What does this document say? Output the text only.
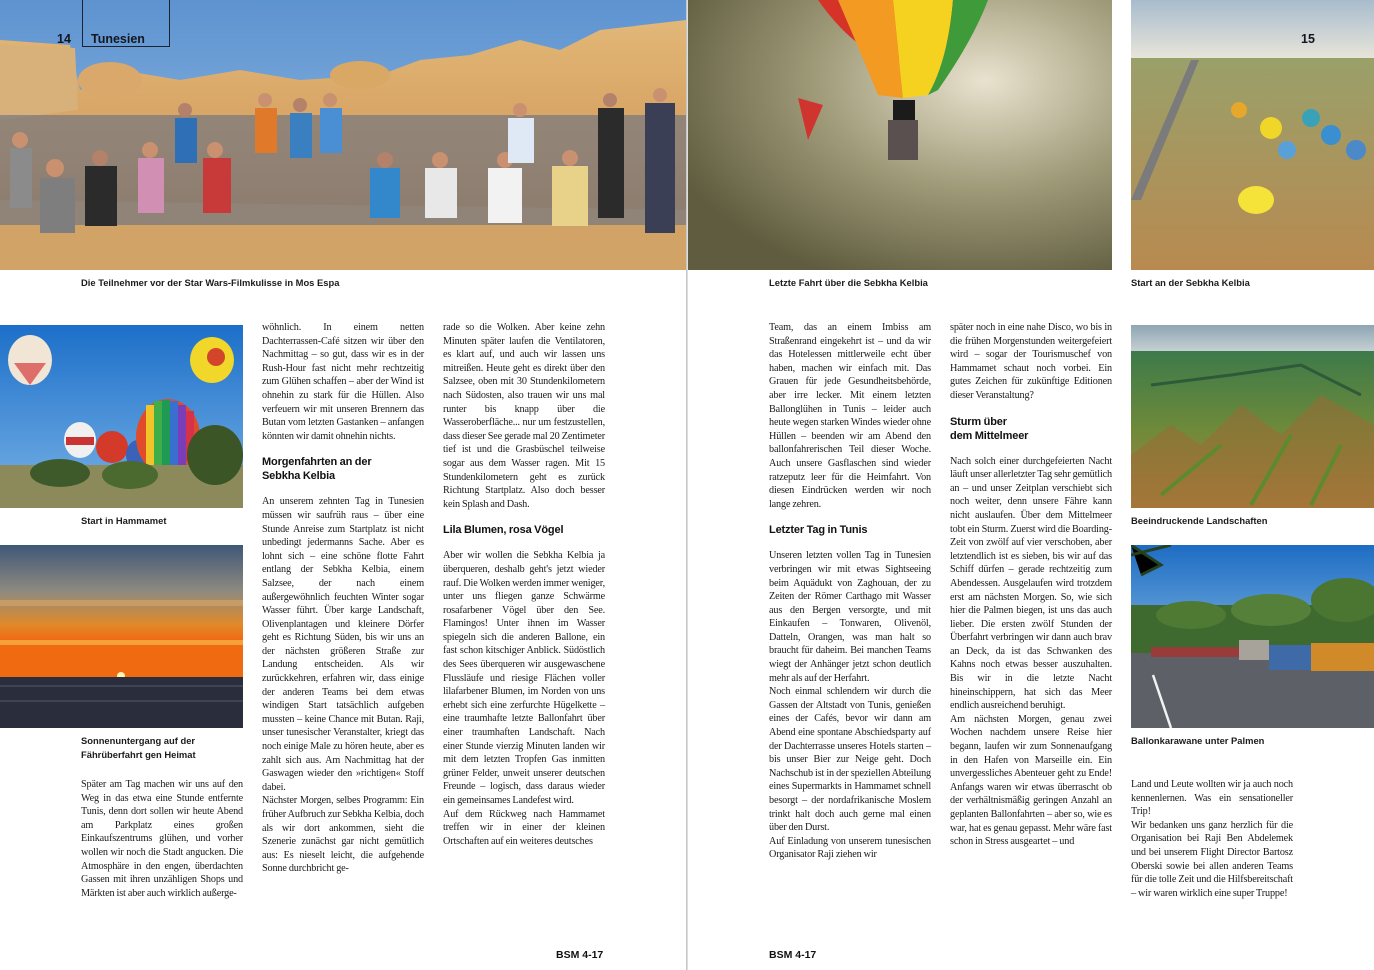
14 Tunesien
Die Teilnehmer vor der Star Wars-Filmkulisse in Mos Espa
Start in Hammamet
Sonnenuntergang auf der
Fährüberfahrt gen Heimat

Später am Tag machen wir uns auf den Weg in das etwa eine Stunde entfernte Tunis, denn dort sollen wir heute Abend am Parkplatz eines großen Einkaufszentrums glühen, und vorher wollen wir noch die Stadt angucken. Die Atmosphäre in den engen, überdachten Gassen mit ihren unzähligen Shops und Märkten ist aber auch wirklich außerge-

wöhnlich. In einem netten Dachterrassen-Café sitzen wir über den Nachmittag – so gut, dass wir es in der Rush-Hour fast nicht mehr rechtzeitig zum Glühen schaffen – aber der Wind ist ohnehin zu stark für die Hüllen. Also verfeuern wir mit unseren Brennern das Butan vom letzten Gastanken – anfangen könnten wir damit ohnehin nichts.

Morgenfahrten an der
Sebkha Kelbia

An unserem zehnten Tag in Tunesien müssen wir saufrüh raus – über eine Stunde Anreise zum Startplatz ist nicht unbedingt jedermanns Sache. Aber es lohnt sich – eine schöne flotte Fahrt entlang der Sebkha Kelbia, einem Salzsee, der nach einem außergewöhnlich feuchten Winter sogar Wasser führt. Über karge Landschaft, Olivenplantagen und kleinere Dörfer geht es Richtung Süden, bis wir uns an der nächsten größeren Straße zur Landung entscheiden. Als wir zurückkehren, erfahren wir, dass einige der anderen Teams bei dem etwas windigen Start tatsächlich aufgeben mussten – keine Chance mit Butan. Raji, unser tunesischer Veranstalter, kriegt das noch einige Male zu hören heute, aber es zahlt sich aus. Am Nachmittag hat der Gaswagen wieder den »richtigen« Stoff dabei.

Nächster Morgen, selbes Programm: Ein früher Aufbruch zur Sebkha Kelbia, doch als wir dort ankommen, sieht die Szenerie zunächst gar nicht gemütlich aus: Es nieselt leicht, die aufgehende Sonne durchbricht ge-

rade so die Wolken. Aber keine zehn Minuten später laufen die Ventilatoren, es klart auf, und auch wir lassen uns mitreißen. Heute geht es direkt über den Salzsee, oben mit 30 Stundenkilometern nach Südosten, also trauen wir uns mal runter bis knapp über die Wasseroberfläche... nur um festzustellen, dass dieser See gerade mal 20 Zentimeter tief ist und die Grasbüschel teilweise sogar aus dem Wasser ragen. Mit 15 Stundenkilometern geht es zurück Richtung Startplatz. Also doch besser kein Splash and Dash.

Lila Blumen, rosa Vögel

Aber wir wollen die Sebkha Kelbia ja überqueren, deshalb geht's jetzt wieder rauf. Die Wolken werden immer weniger, unter uns fliegen ganze Schwärme rosafarbener Vögel über den See. Flamingos! Unter ihnen im Wasser spiegeln sich die anderen Ballone, ein fast schon kitschiger Anblick. Südöstlich des Sees überqueren wir ausgewaschene Flussläufe und riesige Flächen voller lilafarbener Blumen, im Norden von uns erhebt sich eine zerfurchte Hügelkette – eine traumhafte letzte Ballonfahrt über einer traumhaften Landschaft. Nach einer Stunde vierzig Minuten landen wir mit dem letzten Tropfen Gas inmitten grüner Felder, unweit unserer deutschen Freunde – logisch, dass daraus wieder ein gemeinsames Landefest wird.

Auf dem Rückweg nach Hammamet treffen wir in einer der kleinen Ortschaften auf ein weiteres deutsches

BSM 4-17
Letzte Fahrt über die Sebkha Kelbia
15
Start an der Sebkha Kelbia
Beeindruckende Landschaften
Ballonkarawane unter Palmen

Team, das an einem Imbiss am Straßenrand eingekehrt ist – und da wir das Hotelessen mittlerweile echt über haben, machen wir einfach mit. Das Grauen für jede Gesundheitsbehörde, aber irre lecker. Mit einem letzten Ballonglühen in Tunis – leider auch heute wegen starken Windes wieder ohne Hüllen – beenden wir am Abend den ballonfahrerischen Teil dieser Woche. Auch unsere Gasflaschen sind wieder ratzeputz leer für die Heimfahrt. Von diesen Eindrücken werden wir noch lange zehren.

Letzter Tag in Tunis

Unseren letzten vollen Tag in Tunesien verbringen wir mit etwas Sightseeing beim Aquädukt von Zaghouan, der zu Zeiten der Römer Carthago mit Wasser aus den Bergen versorgte, und mit Einkaufen – Tonwaren, Olivenöl, Datteln, Orangen, was man halt so braucht für daheim. Bei manchen Teams wiegt der Anhänger jetzt schon deutlich mehr als auf der Herfahrt.

Noch einmal schlendern wir durch die Gassen der Altstadt von Tunis, genießen eines der Cafés, bevor wir dann am Abend eine spontane Abschiedsparty auf der Dachterrasse unseres Hotels starten – bis unser Bier zur Neige geht. Doch Nachschub ist in der speziellen Abteilung eines Supermarkts in Hammamet schnell besorgt – der nordafrikanische Moslem trinkt halt doch auch gerne mal einen über den Durst.

Auf Einladung von unserem tunesischen Organisator Raji ziehen wir

später noch in eine nahe Disco, wo bis in die frühen Morgenstunden weitergefeiert wird – sogar der Tourismuschef von Hammamet schaut noch vorbei. Ein gutes Zeichen für zukünftige Editionen dieser Veranstaltung?

Sturm über
dem Mittelmeer

Nach solch einer durchgefeierten Nacht läuft unser allerletzter Tag sehr gemütlich an – und unser Zeitplan verschiebt sich noch weiter, denn unsere Fähre kann nicht auslaufen. Über dem Mittelmeer tobt ein Sturm. Zuerst wird die Boarding-Zeit von zwölf auf vier verschoben, aber letztendlich ist es sieben, bis wir auf das Schiff dürfen – gerade rechtzeitig zum Abendessen. Ausgelaufen wird trotzdem erst am nächsten Morgen. So, wie sich hier die Palmen biegen, ist uns das auch lieber. Die ersten zwölf Stunden der Überfahrt verbringen wir dann auch brav an Deck, da ist das Schwanken des Kahns noch etwas besser auszuhalten. Bis wir in die letzte Nacht hineinschippern, hat sich das Meer endlich ausreichend beruhigt.

Am nächsten Morgen, genau zwei Wochen nachdem unsere Reise hier begann, laufen wir zum Sonnenaufgang in den Hafen von Marseille ein. Ein unvergessliches Abenteuer geht zu Ende! Anfangs waren wir etwas überrascht ob der verhältnismäßig geringen Anzahl an geplanten Ballonfahrten – aber so, wie es war, hat es genau gepasst. Mehr wäre fast schon in Stress ausgeartet – und

Land und Leute wollten wir ja auch noch kennenlernen. Was ein sensationeller Trip!

Wir bedanken uns ganz herzlich für die Organisation bei Raji Ben Abdelemek und bei unserem Flight Director Bartosz Oberski sowie bei allen anderen Teams für die tolle Zeit und die Hilfsbereitschaft – wir waren wirklich eine super Truppe!

BSM 4-17
